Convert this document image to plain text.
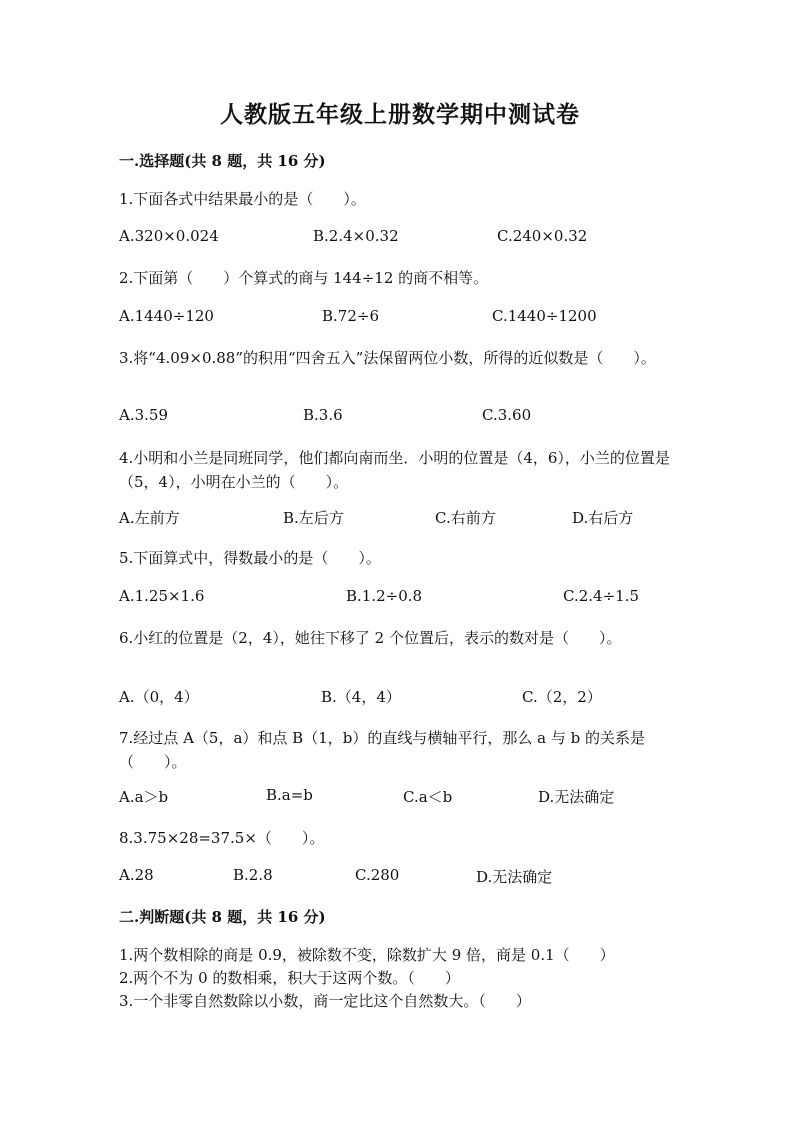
人教版五年级上册数学期中测试卷
一.选择题(共 8 题，共 16 分)
1.下面各式中结果最小的是（　　）。
A.320×0.024	B.2.4×0.32	C.240×0.32
2.下面第（　　）个算式的商与 144÷12 的商不相等。
A.1440÷120	B.72÷6	C.1440÷1200
3.将“4.09×0.88”的积用“四舍五入”法保留两位小数，所得的近似数是（　　）。
A.3.59	B.3.6	C.3.60
4.小明和小兰是同班同学，他们都向南而坐．小明的位置是（4，6），小兰的位置是（5，4），小明在小兰的（　　）。
A.左前方	B.左后方	C.右前方	D.右后方
5.下面算式中，得数最小的是（　　）。
A.1.25×1.6	B.1.2÷0.8	C.2.4÷1.5
6.小红的位置是（2，4），她往下移了 2 个位置后，表示的数对是（　　）。
A.（0，4）	B.（4，4）	C.（2，2）
7.经过点 A（5，a）和点 B（1，b）的直线与横轴平行，那么 a 与 b 的关系是（　　）。
A.a＞b	B.a=b	C.a＜b	D.无法确定
8.3.75×28=37.5×（　　）。
A.28	B.2.8	C.280	D.无法确定
二.判断题(共 8 题，共 16 分)
1.两个数相除的商是 0.9，被除数不变，除数扩大 9 倍，商是 0.1（　　）
2.两个不为 0 的数相乘，积大于这两个数。（　　）
3.一个非零自然数除以小数，商一定比这个自然数大。（　　）
